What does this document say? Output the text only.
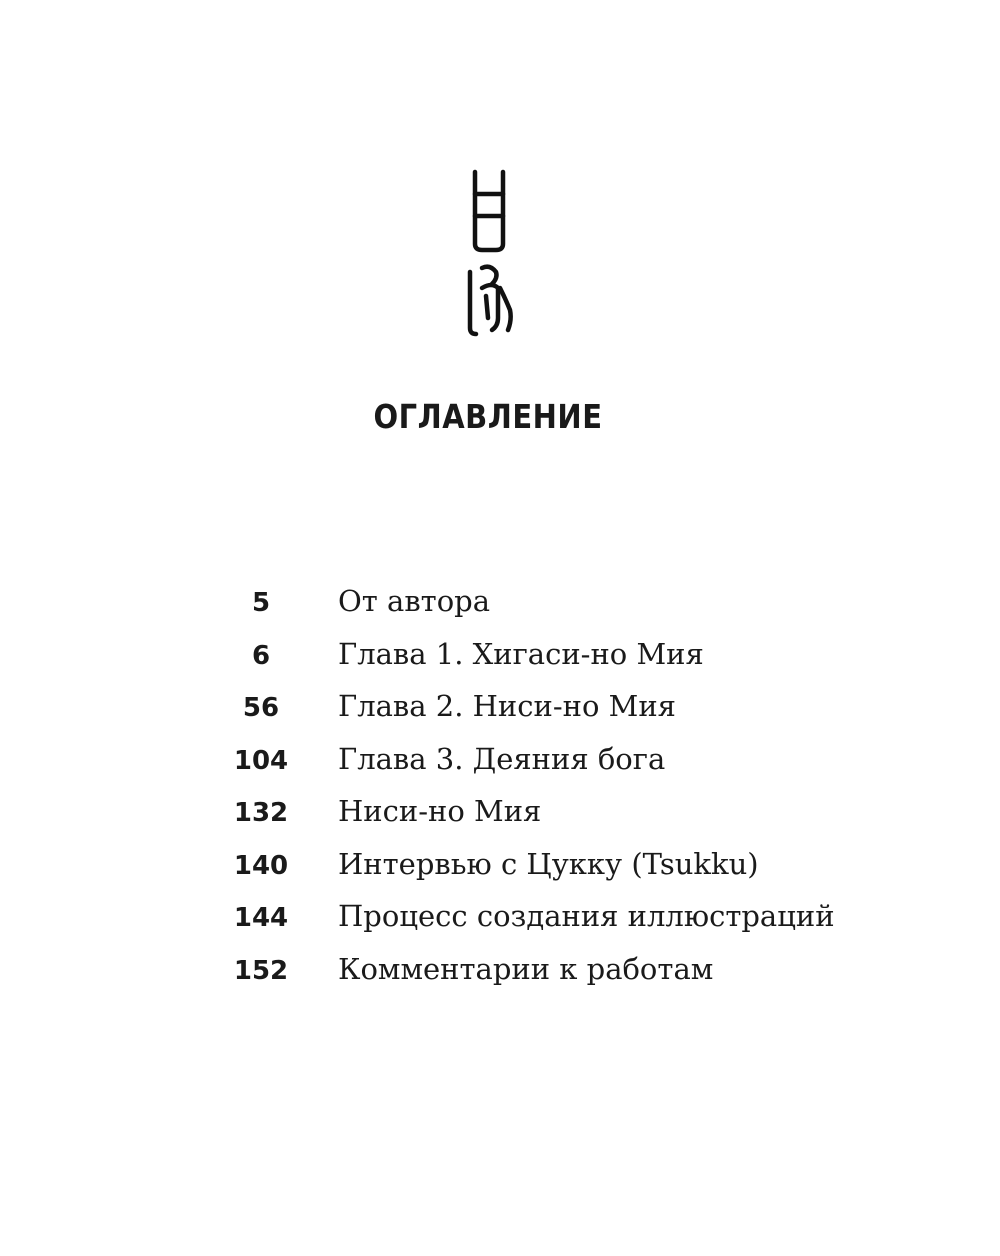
ОГЛАВЛЕНИЕ
5	От автора
6	Глава 1. Хигаси-но Мия
56	Глава 2. Ниси-но Мия
104 Глава 3. Деяния бога
132 Ниси-но Мия
140 Интервью с Цукку (Tsukku)
144 Процесс создания иллюстраций
152 Комментарии к работам
